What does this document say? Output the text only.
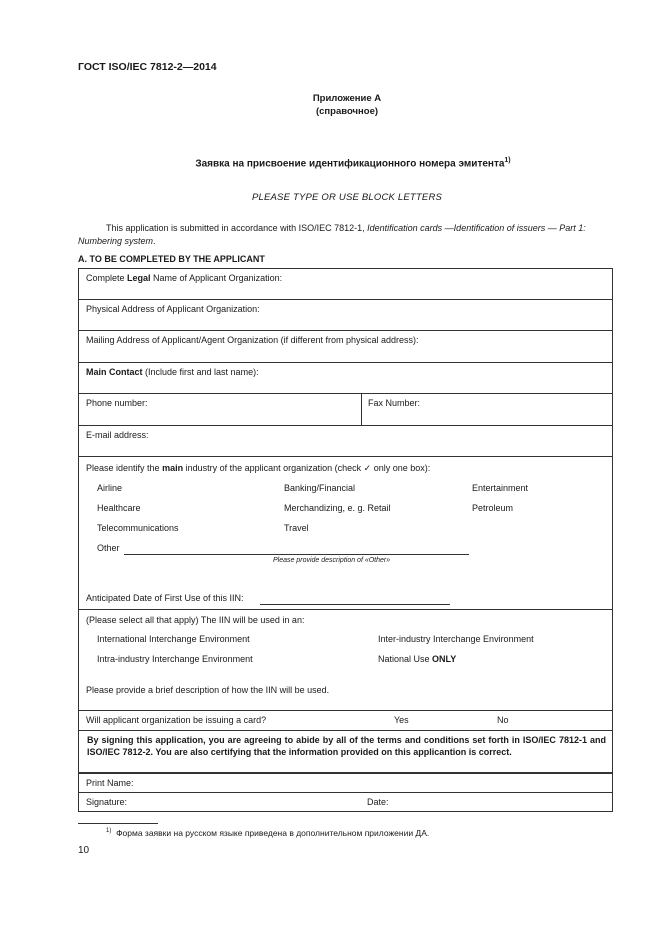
ГОСТ ISO/IEC 7812-2—2014
Приложение А
(справочное)
Заявка на присвоение идентификационного номера эмитента$^{1)}$
PLEASE TYPE OR USE BLOCK LETTERS
This application is submitted in accordance with ISO/IEC 7812-1, Identification cards —Identification of issuers — Part 1: Numbering system.
A. TO BE COMPLETED BY THE APPLICANT
Complete Legal Name of Applicant Organization:
Physical Address of Applicant Organization:
Mailing Address of Applicant/Agent Organization (if different from physical address):
Main Contact (Include first and last name):
Phone number:	Fax Number:
E-mail address:
Please identify the main industry of the applicant organization (check ✓ only one box):
Airline	Banking/Financial	Entertainment
Healthcare	Merchandizing, e. g. Retail	Petroleum
Telecommunications	Travel
Other
Please provide description of «Other»
Anticipated Date of First Use of this IIN:
(Please select all that apply) The IIN will be used in an:
International Interchange Environment	Inter-industry Interchange Environment
Intra-industry Interchange Environment	National Use ONLY
Please provide a brief description of how the IIN will be used.
Will applicant organization be issuing a card?	Yes	No
By signing this application, you are agreeing to abide by all of the terms and conditions set forth in ISO/IEC 7812-1 and ISO/IEC 7812-2. You are also certifying that the information provided on this applicantion is correct.
Print Name:
Signature:	Date:
$^{1)}$ Форма заявки на русском языке приведена в дополнительном приложении ДА.
10
